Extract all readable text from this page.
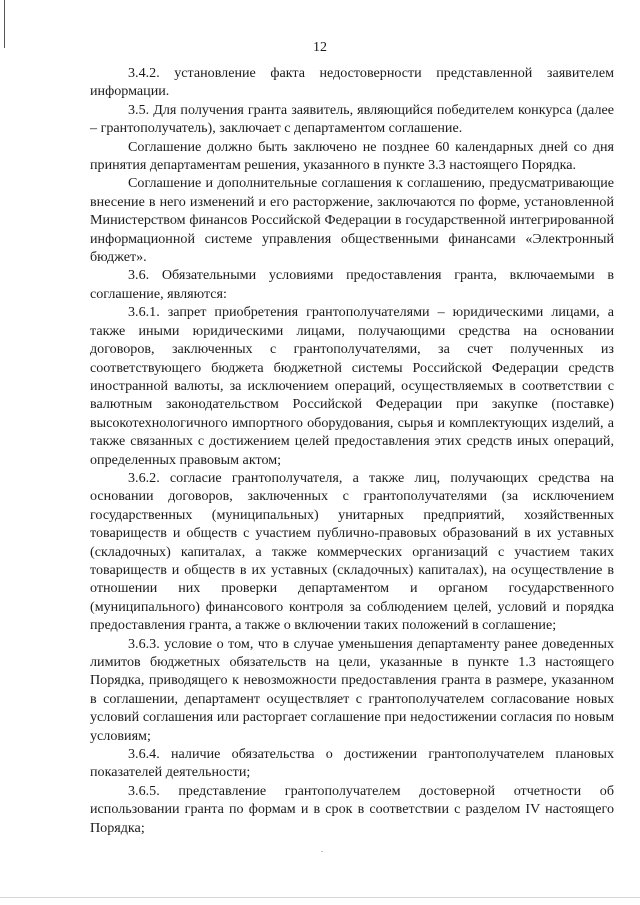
12

3.4.2. установление факта недостоверности представленной заявителем информации.

3.5. Для получения гранта заявитель, являющийся победителем конкурса (далее – грантополучатель), заключает с департаментом соглашение.

Соглашение должно быть заключено не позднее 60 календарных дней со дня принятия департаментам решения, указанного в пункте 3.3 настоящего Порядка.

Соглашение и дополнительные соглашения к соглашению, предусматривающие внесение в него изменений и его расторжение, заключаются по форме, установленной Министерством финансов Российской Федерации в государственной интегрированной информационной системе управления общественными финансами «Электронный бюджет».

3.6. Обязательными условиями предоставления гранта, включаемыми в соглашение, являются:

3.6.1. запрет приобретения грантополучателями – юридическими лицами, а также иными юридическими лицами, получающими средства на основании договоров, заключенных с грантополучателями, за счет полученных из соответствующего бюджета бюджетной системы Российской Федерации средств иностранной валюты, за исключением операций, осуществляемых в соответствии с валютным законодательством Российской Федерации при закупке (поставке) высокотехнологичного импортного оборудования, сырья и комплектующих изделий, а также связанных с достижением целей предоставления этих средств иных операций, определенных правовым актом;

3.6.2. согласие грантополучателя, а также лиц, получающих средства на основании договоров, заключенных с грантополучателями (за исключением государственных (муниципальных) унитарных предприятий, хозяйственных товариществ и обществ с участием публично-правовых образований в их уставных (складочных) капиталах, а также коммерческих организаций с участием таких товариществ и обществ в их уставных (складочных) капиталах), на осуществление в отношении них проверки департаментом и органом государственного (муниципального) финансового контроля за соблюдением целей, условий и порядка предоставления гранта, а также о включении таких положений в соглашение;

3.6.3. условие о том, что в случае уменьшения департаменту ранее доведенных лимитов бюджетных обязательств на цели, указанные в пункте 1.3 настоящего Порядка, приводящего к невозможности предоставления гранта в размере, указанном в соглашении, департамент осуществляет с грантополучателем согласование новых условий соглашения или расторгает соглашение при недостижении согласия по новым условиям;

3.6.4. наличие обязательства о достижении грантополучателем плановых показателей деятельности;

3.6.5. представление грантополучателем достоверной отчетности об использовании гранта по формам и в срок в соответствии с разделом IV настоящего Порядка;

.
